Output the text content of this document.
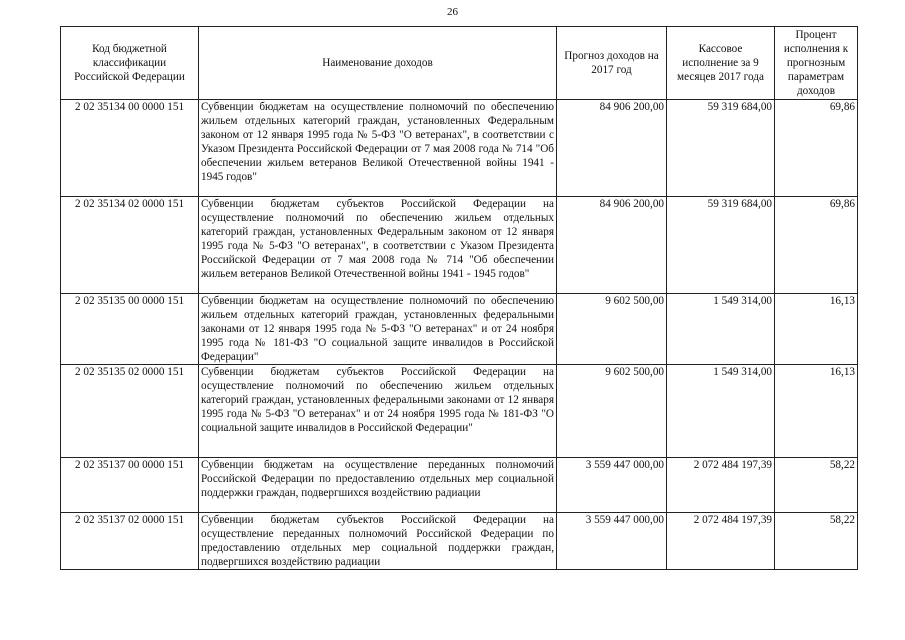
26
Код бюджетной классификации Российской Федерации	Наименование доходов	Прогноз доходов на 2017 год	Кассовое исполнение за 9 месяцев 2017 года	Процент исполнения к прогнозным параметрам доходов
2 02 35134 00 0000 151	Субвенции бюджетам на осуществление полномочий по обеспечению жильем отдельных категорий граждан, установленных Федеральным законом от 12 января 1995 года № 5-ФЗ "О ветеранах", в соответствии с Указом Президента Российской Федерации от 7 мая 2008 года № 714 "Об обеспечении жильем ветеранов Великой Отечественной войны 1941 - 1945 годов"	84 906 200,00	59 319 684,00	69,86
2 02 35134 02 0000 151	Субвенции бюджетам субъектов Российской Федерации на осуществление полномочий по обеспечению жильем отдельных категорий граждан, установленных Федеральным законом от 12 января 1995 года № 5-ФЗ "О ветеранах", в соответствии с Указом Президента Российской Федерации от 7 мая 2008 года № 714 "Об обеспечении жильем ветеранов Великой Отечественной войны 1941 - 1945 годов"	84 906 200,00	59 319 684,00	69,86
2 02 35135 00 0000 151	Субвенции бюджетам на осуществление полномочий по обеспечению жильем отдельных категорий граждан, установленных федеральными законами от 12 января 1995 года № 5-ФЗ "О ветеранах" и от 24 ноября 1995 года № 181-ФЗ "О социальной защите инвалидов в Российской Федерации"	9 602 500,00	1 549 314,00	16,13
2 02 35135 02 0000 151	Субвенции бюджетам субъектов Российской Федерации на осуществление полномочий по обеспечению жильем отдельных категорий граждан, установленных федеральными законами от 12 января 1995 года № 5-ФЗ "О ветеранах" и от 24 ноября 1995 года № 181-ФЗ "О социальной защите инвалидов в Российской Федерации"	9 602 500,00	1 549 314,00	16,13
2 02 35137 00 0000 151	Субвенции бюджетам на осуществление переданных полномочий Российской Федерации по предоставлению отдельных мер социальной поддержки граждан, подвергшихся воздействию радиации	3 559 447 000,00	2 072 484 197,39	58,22
2 02 35137 02 0000 151	Субвенции бюджетам субъектов Российской Федерации на осуществление переданных полномочий Российской Федерации по предоставлению отдельных мер социальной поддержки граждан, подвергшихся воздействию радиации	3 559 447 000,00	2 072 484 197,39	58,22
